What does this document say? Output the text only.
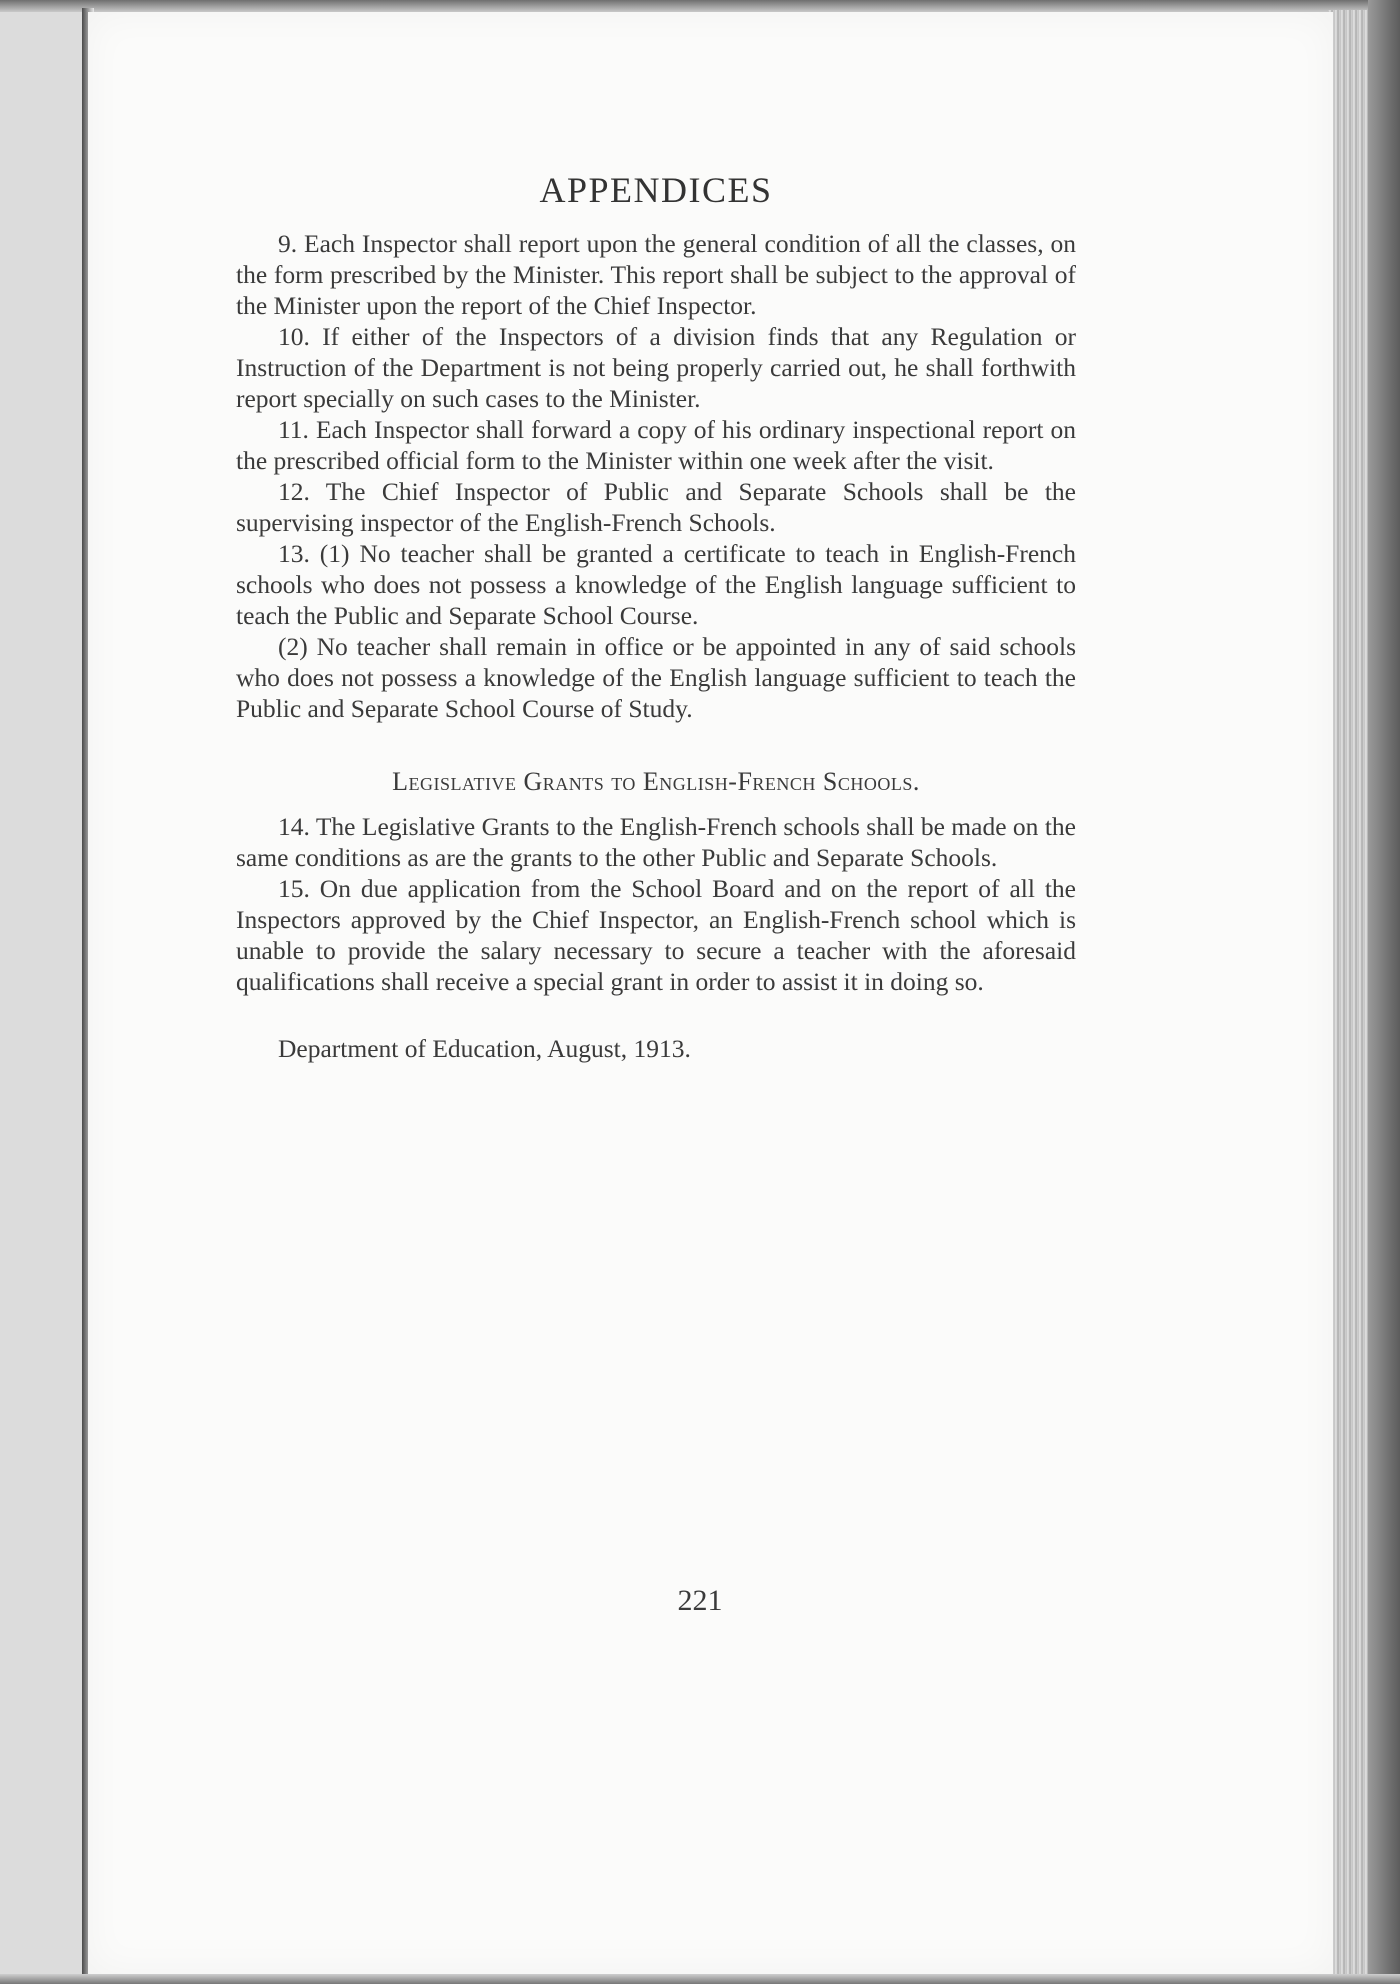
APPENDICES

9. Each Inspector shall report upon the general condition of all the classes, on the form prescribed by the Minister. This report shall be subject to the approval of the Minister upon the report of the Chief Inspector.

10. If either of the Inspectors of a division finds that any Regulation or Instruction of the Department is not being properly carried out, he shall forthwith report specially on such cases to the Minister.

11. Each Inspector shall forward a copy of his ordinary inspectional report on the prescribed official form to the Minister within one week after the visit.

12. The Chief Inspector of Public and Separate Schools shall be the supervising inspector of the English-French Schools.

13. (1) No teacher shall be granted a certificate to teach in English-French schools who does not possess a knowledge of the English language sufficient to teach the Public and Separate School Course.

(2) No teacher shall remain in office or be appointed in any of said schools who does not possess a knowledge of the English language sufficient to teach the Public and Separate School Course of Study.

Legislative Grants to English-French Schools.

14. The Legislative Grants to the English-French schools shall be made on the same conditions as are the grants to the other Public and Separate Schools.

15. On due application from the School Board and on the report of all the Inspectors approved by the Chief Inspector, an English-French school which is unable to provide the salary necessary to secure a teacher with the aforesaid qualifications shall receive a special grant in order to assist it in doing so.

Department of Education, August, 1913.

221
